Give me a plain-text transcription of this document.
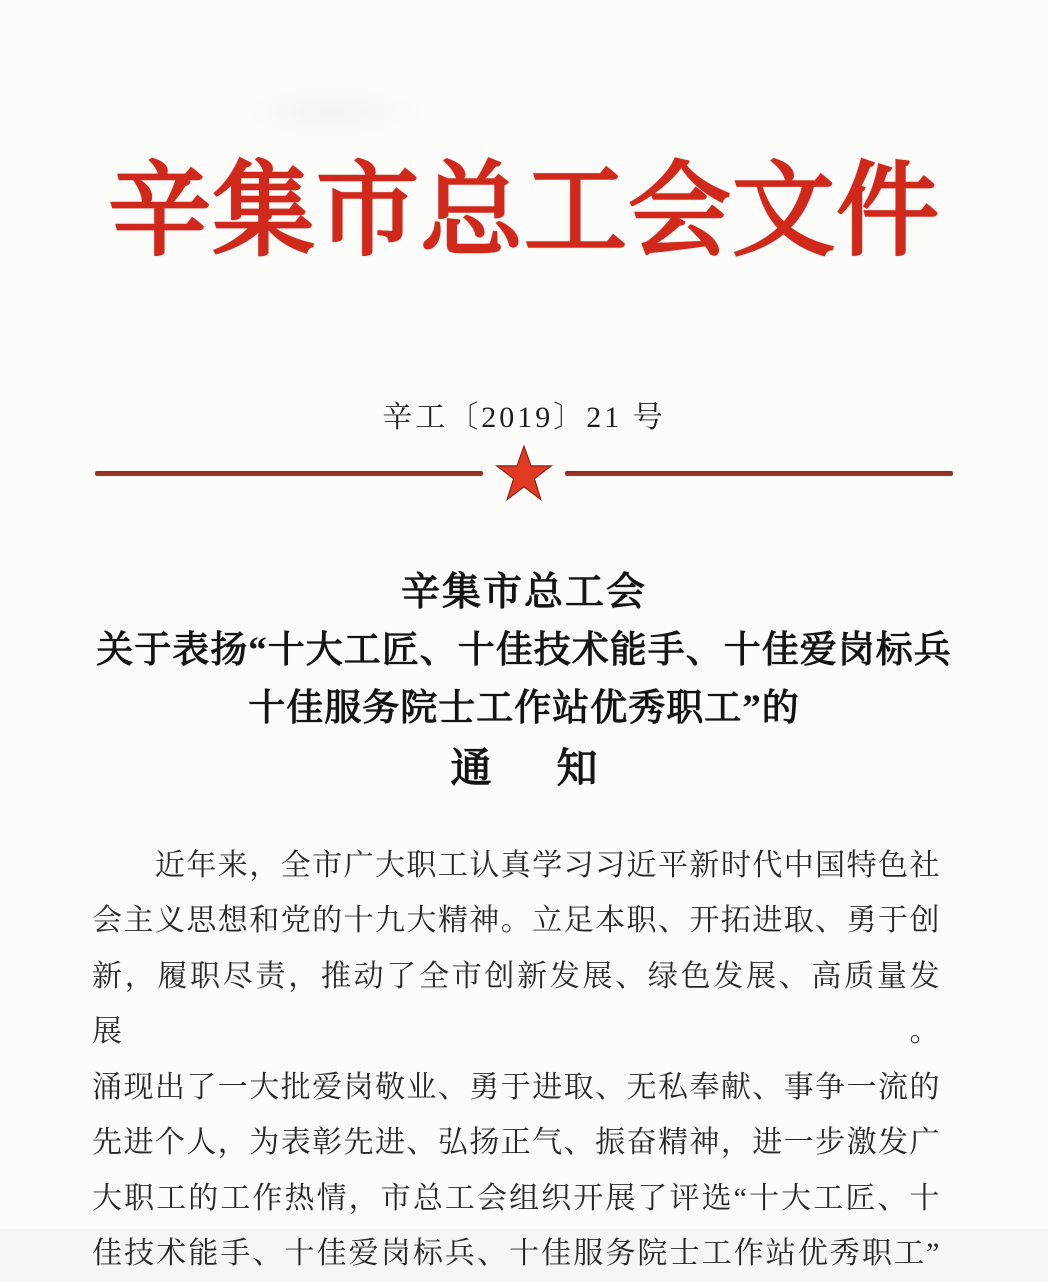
辛集市总工会文件
辛工〔2019〕21 号
辛集市总工会
关于表扬“十大工匠、十佳技术能手、十佳爱岗标兵
十佳服务院士工作站优秀职工”的
通　知
　　近年来，全市广大职工认真学习习近平新时代中国特色社
会主义思想和党的十九大精神。立足本职、开拓进取、勇于创
新，履职尽责，推动了全市创新发展、绿色发展、高质量发展。
涌现出了一大批爱岗敬业、勇于进取、无私奉献、事争一流的
先进个人，为表彰先进、弘扬正气、振奋精神，进一步激发广
大职工的工作热情，市总工会组织开展了评选“十大工匠、十
佳技术能手、十佳爱岗标兵、十佳服务院士工作站优秀职工”
